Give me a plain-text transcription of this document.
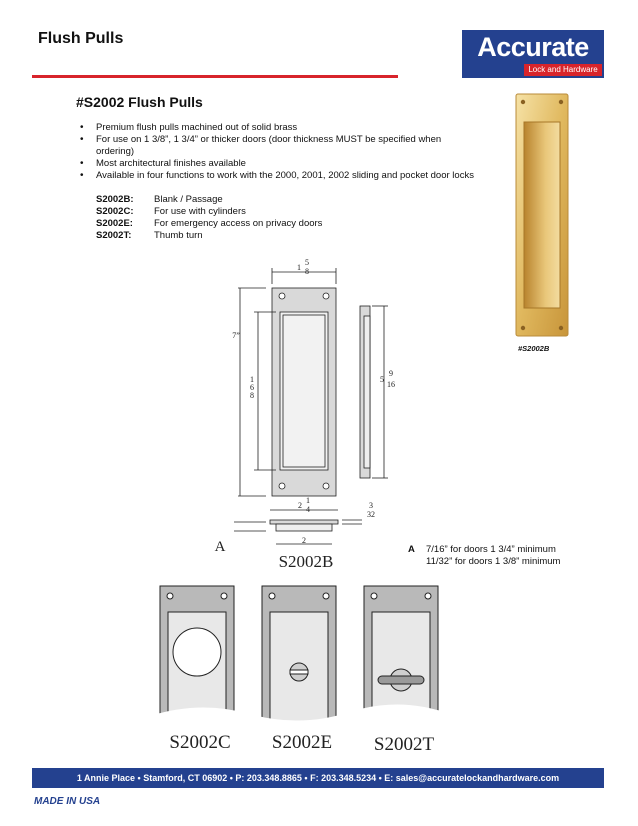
Flush Pulls	Accurate
Lock and Hardware
#S2002 Flush Pulls
• Premium flush pulls machined out of solid brass
• For use on 1 3/8”, 1 3/4” or thicker doors (door thickness MUST be specified when ordering)
• Most architectural finishes available
• Available in four functions to work with the 2000, 2001, 2002 sliding and pocket door locks
S2002B:	Blank / Passage
S2002C:	For use with cylinders
S2002E:	For emergency access on privacy doors
S2002T:	Thumb turn
#S2002B
1
5
8
7”
6
1
8
5
9
16
2
1
4
2
3
32
A
S2002B
A 7/16” for doors 1 3/4” minimum
11/32” for doors 1 3/8” minimum
S2002C S2002E S2002T
1 Annie Place • Stamford, CT 06902 • P: 203.348.8865 • F: 203.348.5234 • E: sales@accuratelockandhardware.com
MADE IN USA
